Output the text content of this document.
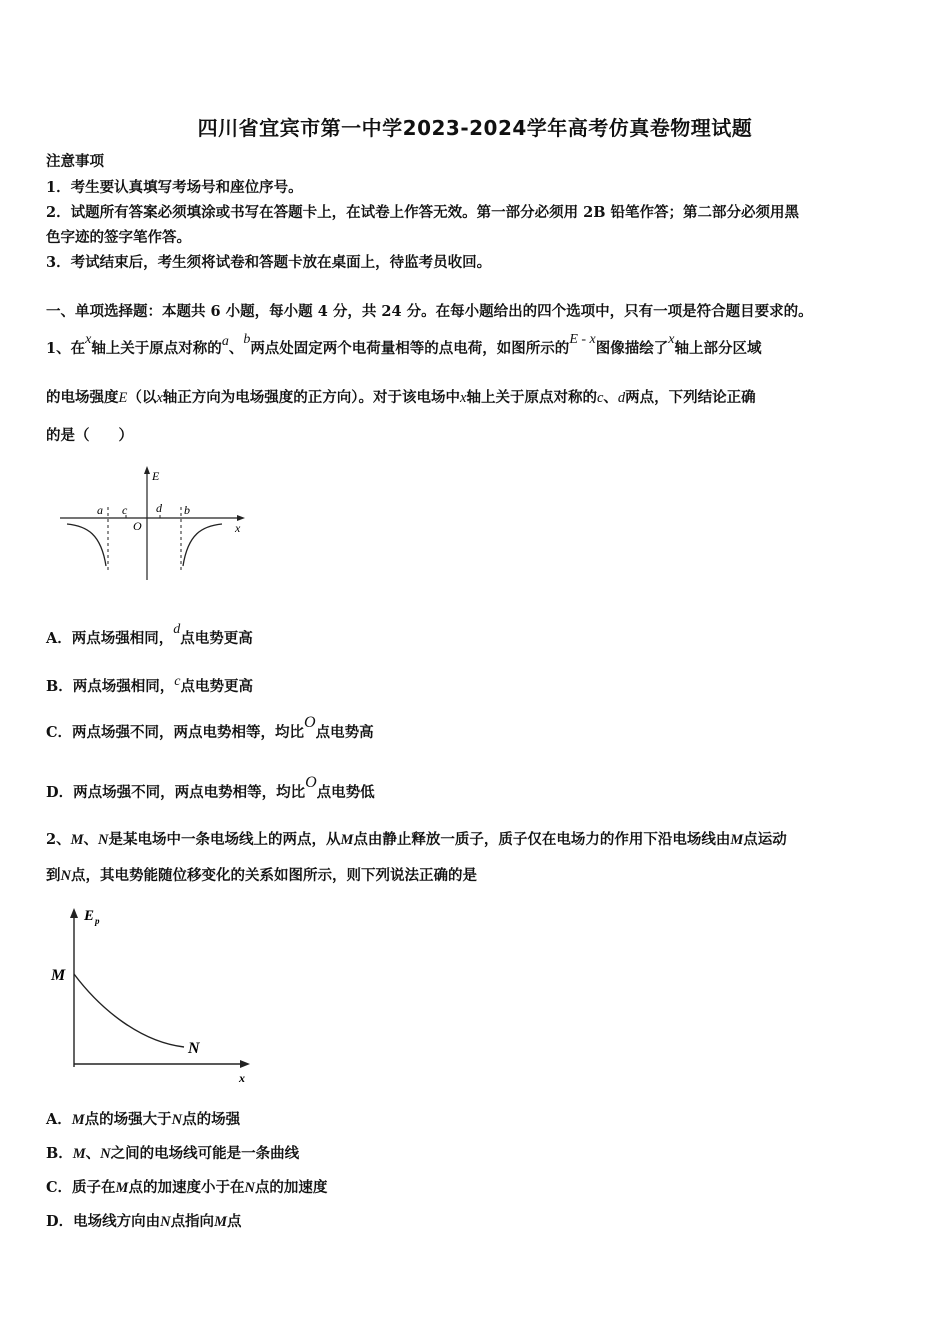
四川省宜宾市第一中学2023-2024学年高考仿真卷物理试题
注意事项
1．考生要认真填写考场号和座位序号。
2．试题所有答案必须填涂或书写在答题卡上，在试卷上作答无效。第一部分必须用 2B 铅笔作答；第二部分必须用黑
色字迹的签字笔作答。
3．考试结束后，考生须将试卷和答题卡放在桌面上，待监考员收回。
一、单项选择题：本题共 6 小题，每小题 4 分，共 24 分。在每小题给出的四个选项中，只有一项是符合题目要求的。
1、在x轴上关于原点对称的a、b两点处固定两个电荷量相等的点电荷，如图所示的E - x图像描绘了x轴上部分区域
的电场强度E（以x轴正方向为电场强度的正方向）。对于该电场中x轴上关于原点对称的c、d两点，下列结论正确
的是（　　）
E
a c
O
d b
x
A．两点场强相同，d点电势更高
B．两点场强相同，c点电势更高
C．两点场强不同，两点电势相等，均比O点电势高
D．两点场强不同，两点电势相等，均比O点电势低
2、M、N是某电场中一条电场线上的两点，从M点由静止释放一质子，质子仅在电场力的作用下沿电场线由M点运动
到N点，其电势能随位移变化的关系如图所示，则下列说法正确的是
E p
M
N
x
A．M点的场强大于N点的场强
B．M、N之间的电场线可能是一条曲线
C．质子在M点的加速度小于在N点的加速度
D．电场线方向由N点指向M点
